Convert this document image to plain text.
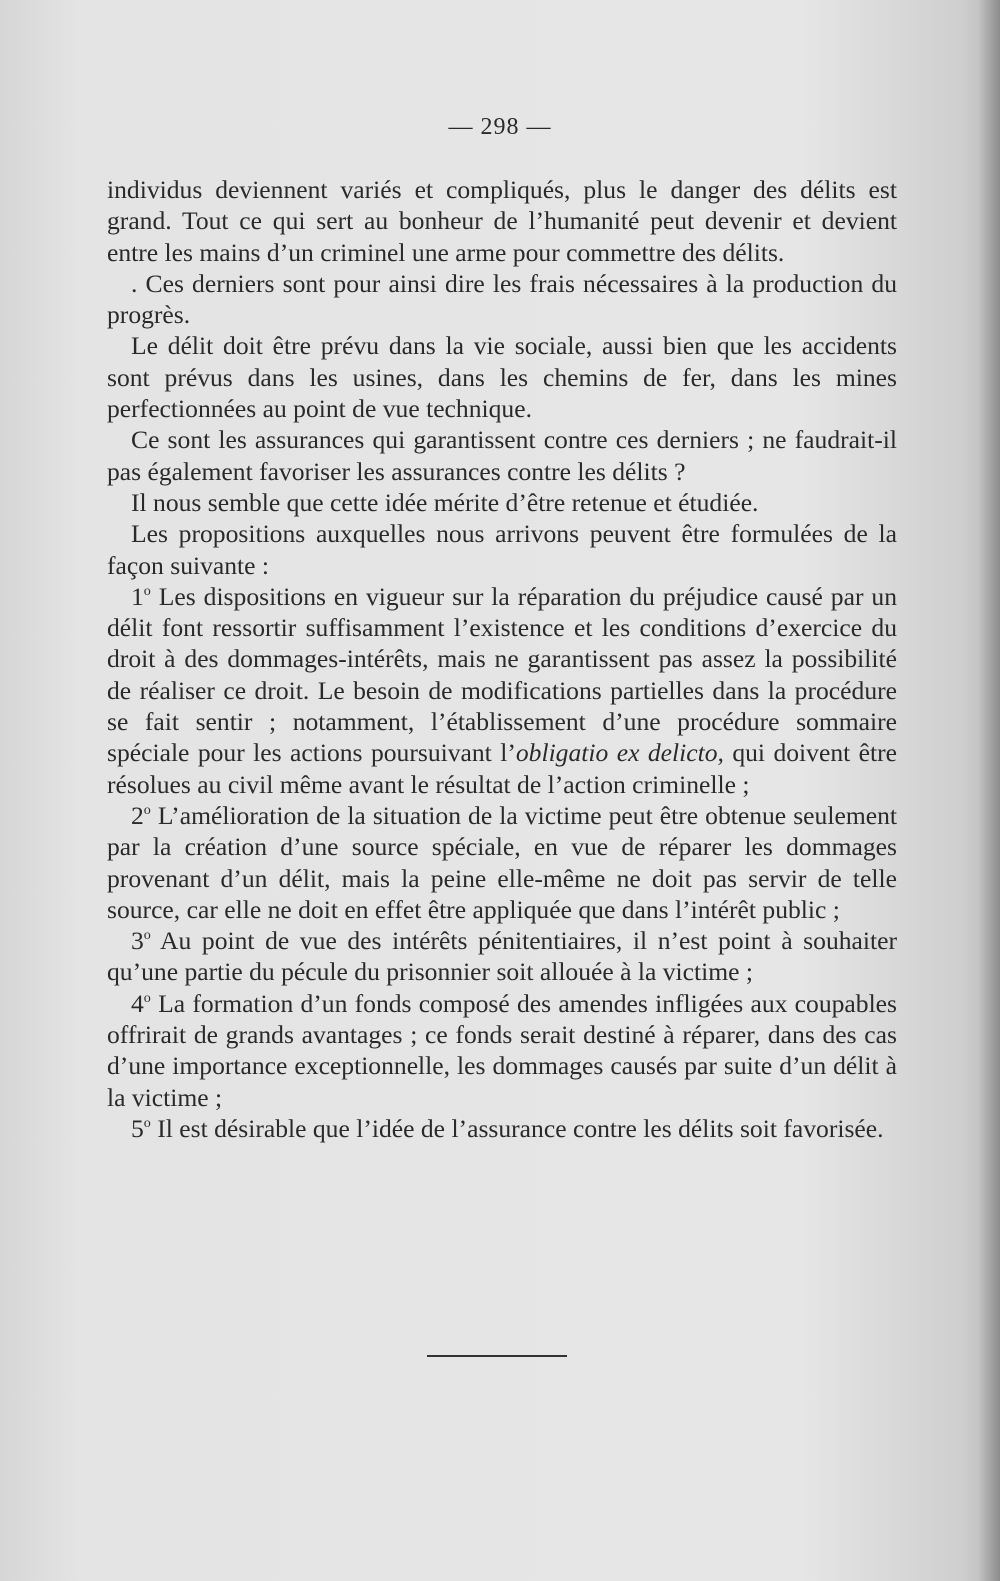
— 298 —

individus deviennent variés et compliqués, plus le danger des délits est grand. Tout ce qui sert au bonheur de l’humanité peut devenir et devient entre les mains d’un criminel une arme pour commettre des délits.

. Ces derniers sont pour ainsi dire les frais nécessaires à la production du progrès.

Le délit doit être prévu dans la vie sociale, aussi bien que les accidents sont prévus dans les usines, dans les chemins de fer, dans les mines perfectionnées au point de vue technique.

Ce sont les assurances qui garantissent contre ces derniers ; ne faudrait-il pas également favoriser les assurances contre les délits ?

Il nous semble que cette idée mérite d’être retenue et étudiée.

Les propositions auxquelles nous arrivons peuvent être formulées de la façon suivante :

1$^o$ Les dispositions en vigueur sur la réparation du préjudice causé par un délit font ressortir suffisamment l’existence et les conditions d’exercice du droit à des dommages-intérêts, mais ne garantissent pas assez la possibilité de réaliser ce droit. Le besoin de modifications partielles dans la procédure se fait sentir ; notamment, l’établissement d’une procédure sommaire spéciale pour les actions poursuivant l’obligatio ex delicto, qui doivent être résolues au civil même avant le résultat de l’action criminelle ;

2$^o$ L’amélioration de la situation de la victime peut être obtenue seulement par la création d’une source spéciale, en vue de réparer les dommages provenant d’un délit, mais la peine elle-même ne doit pas servir de telle source, car elle ne doit en effet être appliquée que dans l’intérêt public ;

3$^o$ Au point de vue des intérêts pénitentiaires, il n’est point à souhaiter qu’une partie du pécule du prisonnier soit allouée à la victime ;

4$^o$ La formation d’un fonds composé des amendes infligées aux coupables offrirait de grands avantages ; ce fonds serait destiné à réparer, dans des cas d’une importance exceptionnelle, les dommages causés par suite d’un délit à la victime ;

5$^o$ Il est désirable que l’idée de l’assurance contre les délits soit favorisée.
